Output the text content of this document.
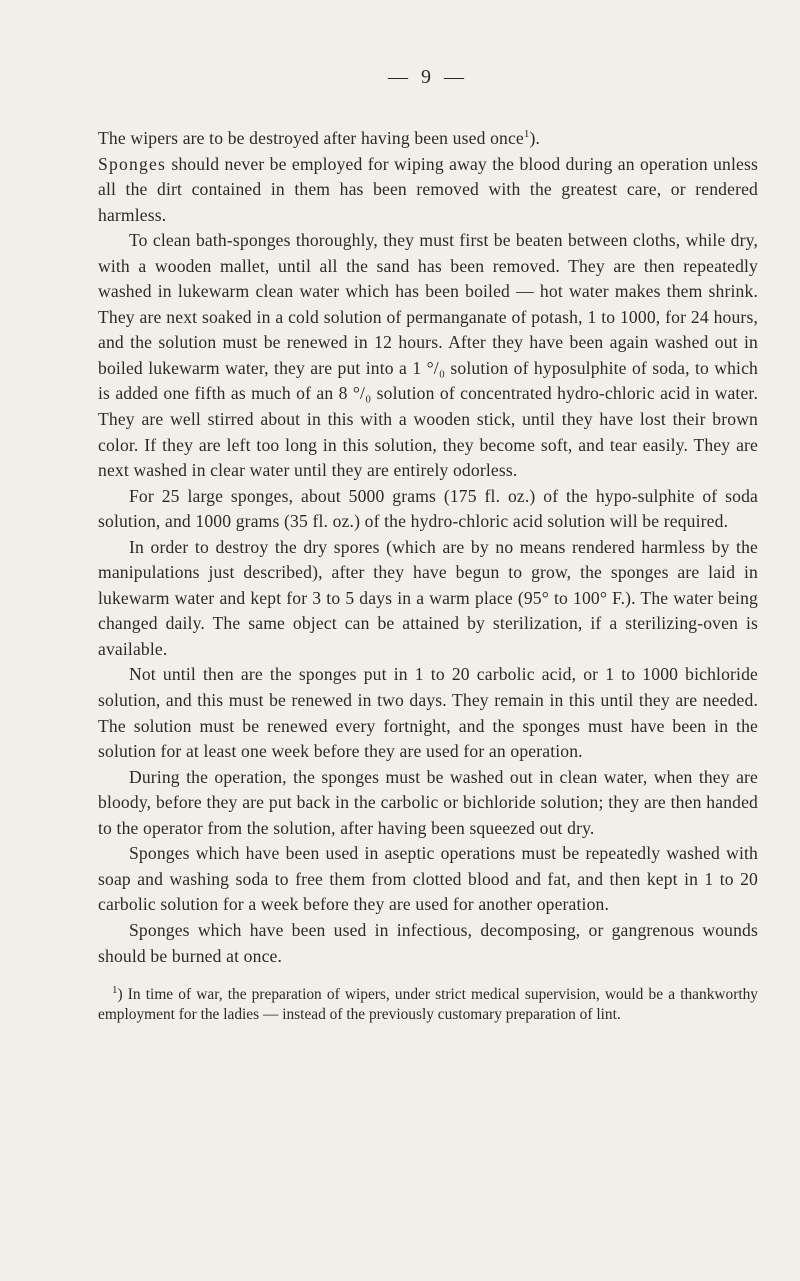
— 9 —

The wipers are to be destroyed after having been used once$^1$).
Sponges should never be employed for wiping away the blood during an operation unless all the dirt contained in them has been removed with the greatest care, or rendered harmless.

To clean bath-sponges thoroughly, they must first be beaten between cloths, while dry, with a wooden mallet, until all the sand has been removed. They are then repeatedly washed in lukewarm clean water which has been boiled — hot water makes them shrink. They are next soaked in a cold solution of permanganate of potash, 1 to 1000, for 24 hours, and the solution must be renewed in 12 hours. After they have been again washed out in boiled lukewarm water, they are put into a 1 °/₀ solution of hyposulphite of soda, to which is added one fifth as much of an 8 °/₀ solution of concentrated hydro-chloric acid in water. They are well stirred about in this with a wooden stick, until they have lost their brown color. If they are left too long in this solution, they become soft, and tear easily. They are next washed in clear water until they are entirely odorless.

For 25 large sponges, about 5000 grams (175 fl. oz.) of the hypo-sulphite of soda solution, and 1000 grams (35 fl. oz.) of the hydro-chloric acid solution will be required.

In order to destroy the dry spores (which are by no means rendered harmless by the manipulations just described), after they have begun to grow, the sponges are laid in lukewarm water and kept for 3 to 5 days in a warm place (95° to 100° F.). The water being changed daily. The same object can be attained by sterilization, if a sterilizing-oven is available.

Not until then are the sponges put in 1 to 20 carbolic acid, or 1 to 1000 bichloride solution, and this must be renewed in two days. They remain in this until they are needed. The solution must be renewed every fortnight, and the sponges must have been in the solution for at least one week before they are used for an operation.

During the operation, the sponges must be washed out in clean water, when they are bloody, before they are put back in the carbolic or bichloride solution; they are then handed to the operator from the solution, after having been squeezed out dry.

Sponges which have been used in aseptic operations must be repeatedly washed with soap and washing soda to free them from clotted blood and fat, and then kept in 1 to 20 carbolic solution for a week before they are used for another operation.

Sponges which have been used in infectious, decomposing, or gangrenous wounds should be burned at once.

$^1$) In time of war, the preparation of wipers, under strict medical supervision, would be a thankworthy employment for the ladies — instead of the previously customary preparation of lint.
